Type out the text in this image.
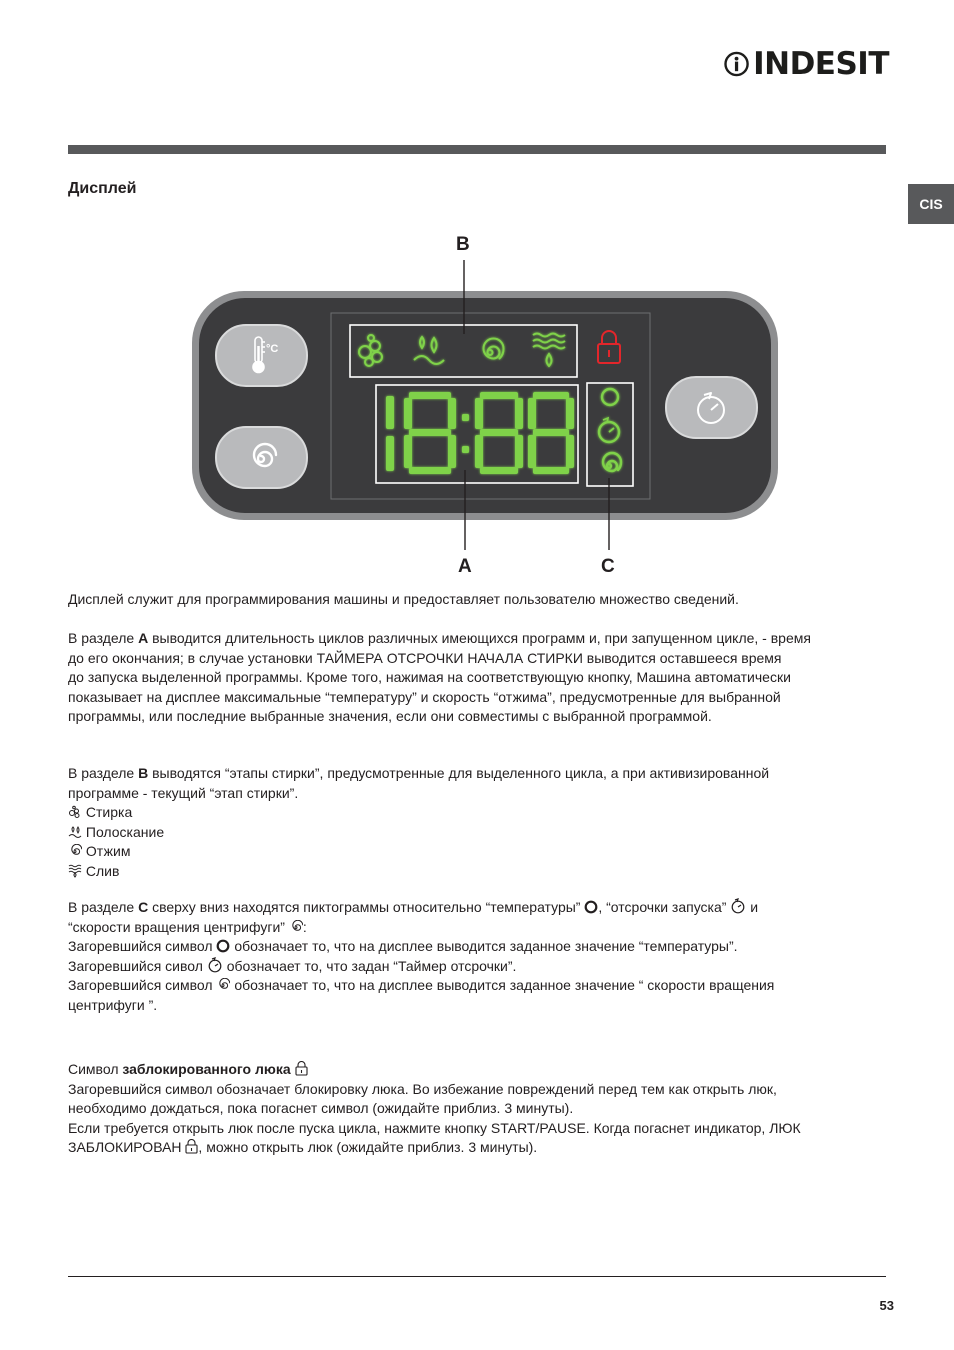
INDESIT
CIS
Дисплей
°C
B
A	C
Дисплей служит для программирования машины и предоставляет пользователю множество сведений.
В разделе A выводится длительность циклов различных имеющихся программ и, при запущенном цикле, - время
до его окончания; в случае установки ТАЙМЕРА ОТСРОЧКИ НАЧАЛА СТИРКИ выводится оставшееся время
до запуска выделенной программы. Кроме того, нажимая на соответствующую кнопку, Машина автоматически
показывает на дисплее максимальные “температуру” и скорость “отжима”, предусмотренные для выбранной
программы, или последние выбранные значения, если они совместимы с выбранной программой.
В разделе B выводятся “этапы стирки”, предусмотренные для выделенного цикла, а при активизированной
программе - текущий “этап стирки”.
Стирка
Полоскание
Отжим
Слив
В разделе C сверху вниз находятся пиктограммы относительно “температуры” , “отсрочки запуска”  и
“скорости вращения центрифуги” :
Загоревшийся символ  обозначает то, что на дисплее выводится заданное значение “температуры”.
Загоревшийся сивол  обозначает то, что задан “Таймер отсрочки”.
Загоревшийся символ  обозначает то, что на дисплее выводится заданное значение “ скорости вращения
центрифуги ”.
Символ заблокированного люка
Загоревшийся символ обозначает блокировку люка. Во избежание повреждений перед тем как открыть люк,
необходимо дождаться, пока погаснет символ (ожидайте приблиз. 3 минуты).
Если требуется открыть люк после пуска цикла, нажмите кнопку START/PAUSE. Когда погаснет индикатор, ЛЮК
ЗАБЛОКИРОВАН , можно открыть люк (ожидайте приблиз. 3 минуты).
53
